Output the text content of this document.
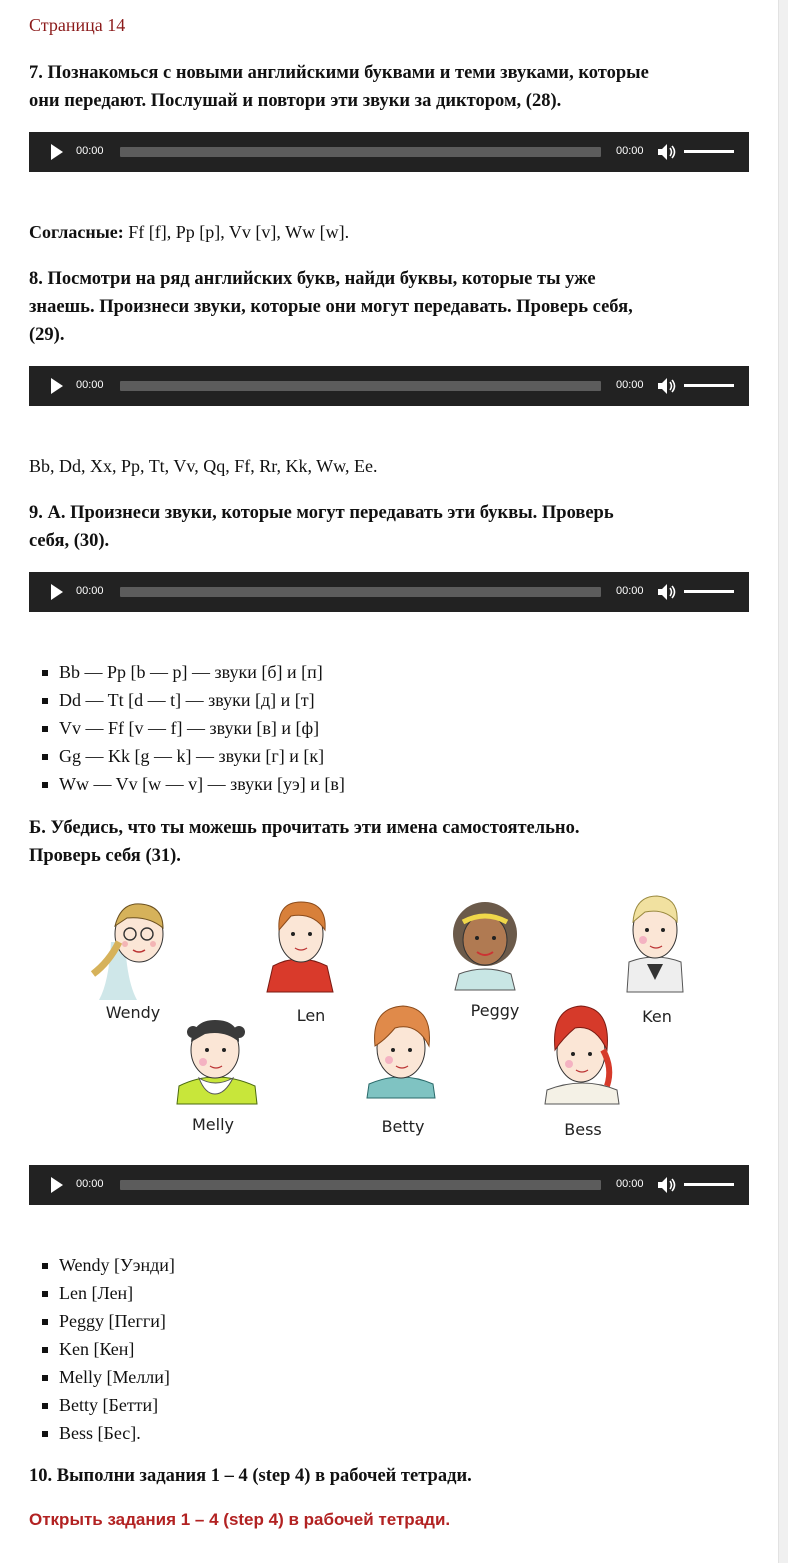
Страница 14

7. Познакомься с новыми английскими буквами и теми звуками, которые
они передают. Послушай и повтори эти звуки за диктором, (28).

00:00	00:00

Согласные: Ff [f], Pp [p], Vv [v], Ww [w].

8. Посмотри на ряд английских букв, найди буквы, которые ты уже
знаешь. Произнеси звуки, которые они могут передавать. Проверь себя,
(29).

00:00	00:00

Bb, Dd, Xx, Pp, Tt, Vv, Qq, Ff, Rr, Kk, Ww, Ee.

9. А. Произнеси звуки, которые могут передавать эти буквы. Проверь
себя, (30).

00:00	00:00
Bb — Pp [b — p] — звуки [б] и [п]
Dd — Tt [d — t] — звуки [д] и [т]
Vv — Ff [v — f] — звуки [в] и [ф]
Gg — Kk [g — k] — звуки [г] и [к]
Ww — Vv [w — v] — звуки [уэ] и [в]

Б. Убедись, что ты можешь прочитать эти имена самостоятельно.
Проверь себя (31).

Wendy	Len	Peggy	Ken
Melly	Betty	Bess
00:00	00:00
Wendy [Уэнди]
Len [Лен]
Peggy [Пегги]
Ken [Кен]
Melly [Мелли]
Betty [Бетти]
Bess [Бес].

10. Выполни задания 1 – 4 (step 4) в рабочей тетради.

Открыть задания 1 – 4 (step 4) в рабочей тетради.
